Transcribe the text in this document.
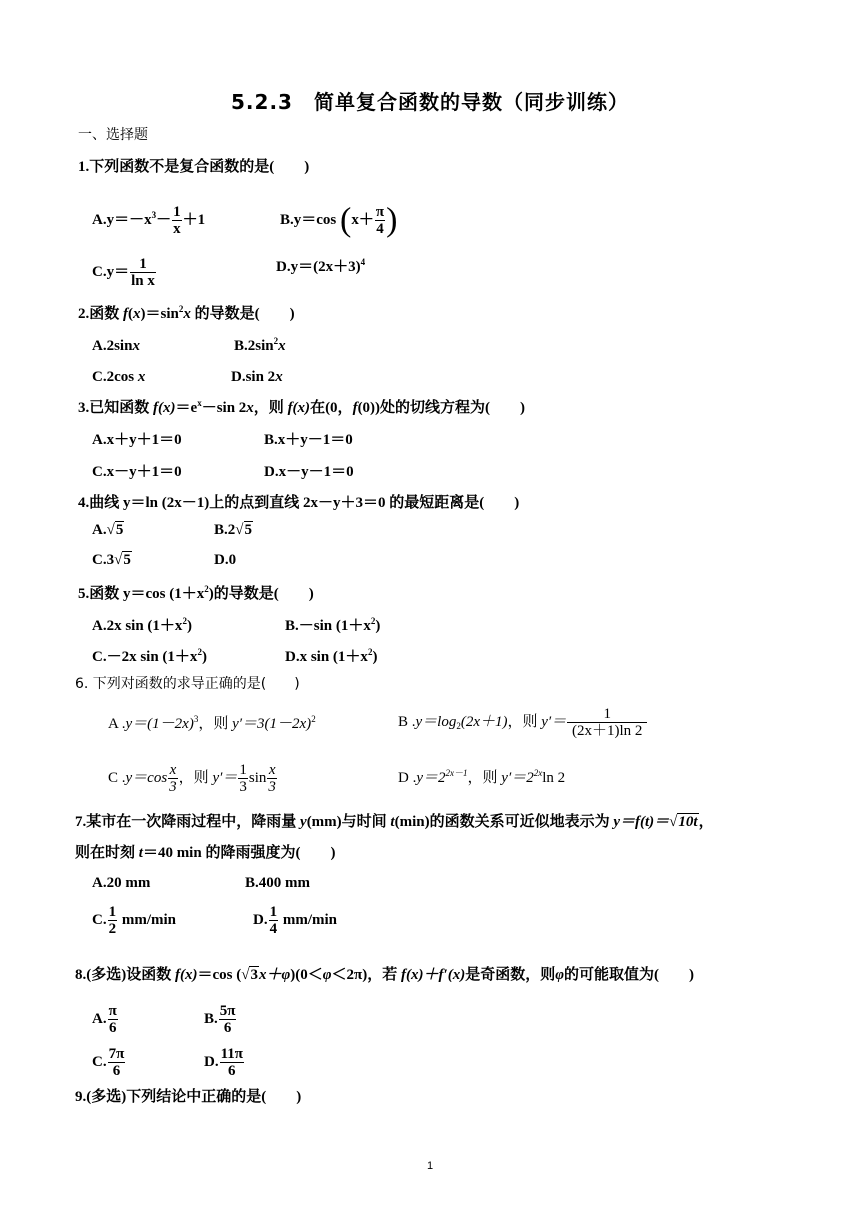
5.2.3　简单复合函数的导数（同步训练）
一、选择题
1.下列函数不是复合函数的是(　　)
$A.y=-x^3- \frac{1}{x} +1$	B.y＝cos ($x+ \frac{\pi}{4}$ )
$C.y= \frac{1}{\text{ln x}}$	$D.y=(2x+3)^4$
2.函数 $f(x)=\sin^2x$ 的导数是(　　)
A.2sinx	$B.2\sin^2x$
C.2cos x	D.sin 2x
3.已知函数 $f(x)=e^x-\sin$ 2x，则 f(x)在(0，f(0))处的切线方程为(　　)
A.x＋y＋1＝0	B.x＋y－1＝0
C.x－y＋1＝0	D.x－y－1＝0
4.曲线 y＝ln (2x－1)上的点到直线 2x－y＋3＝0 的最短距离是(　　)
A.√5	B.2√5
C.3√5	D.0
5.函数 y＝cos $(1+x^2)$的导数是(　　)
A.2x $\sin (1+x^2)$	B.－sin $(1+x^2)$
C.－2x $\sin (1+x^2)$	D.x $\sin (1+x^2)$
6. 下列对函数的求导正确的是(　　)
A $.y=(1-2x)^3$，则 $y'=3(1-2x)^2$	B $.y=\log_2(2x+1)$，则 $y'= \frac{1}{(2x+1)\ln 2}$
C $.y=\cos \frac{x}{3}$ ，则 $y'= \frac{1}{3}$ $\sin \frac{x}{3}$	D $.y=2^{2x-1}$，则 $y'=2^{2x}\ln$ 2
7.某市在一次降雨过程中，降雨量 y(mm)与时间 t(min)的函数关系可近似地表示为 y＝f(t)＝√10t，
则在时刻 t＝40 min 的降雨强度为(　　)
A.20 mm	B.400 mm
C. $\frac{1}{2} mm/\min$	D. $\frac{1}{4} mm/\min$
8.(多选)设函数 f(x)＝cos (√3x＋φ)(0＜φ＜2π)，若 f(x)＋f′(x)是奇函数，则φ的可能取值为(　　)
A. $\frac{\pi}{6}$	B. $\frac{5\pi}{6}$
C. $\frac{7\pi}{6}$	D. $\frac{11\pi}{6}$
9.(多选)下列结论中正确的是(　　)
1
